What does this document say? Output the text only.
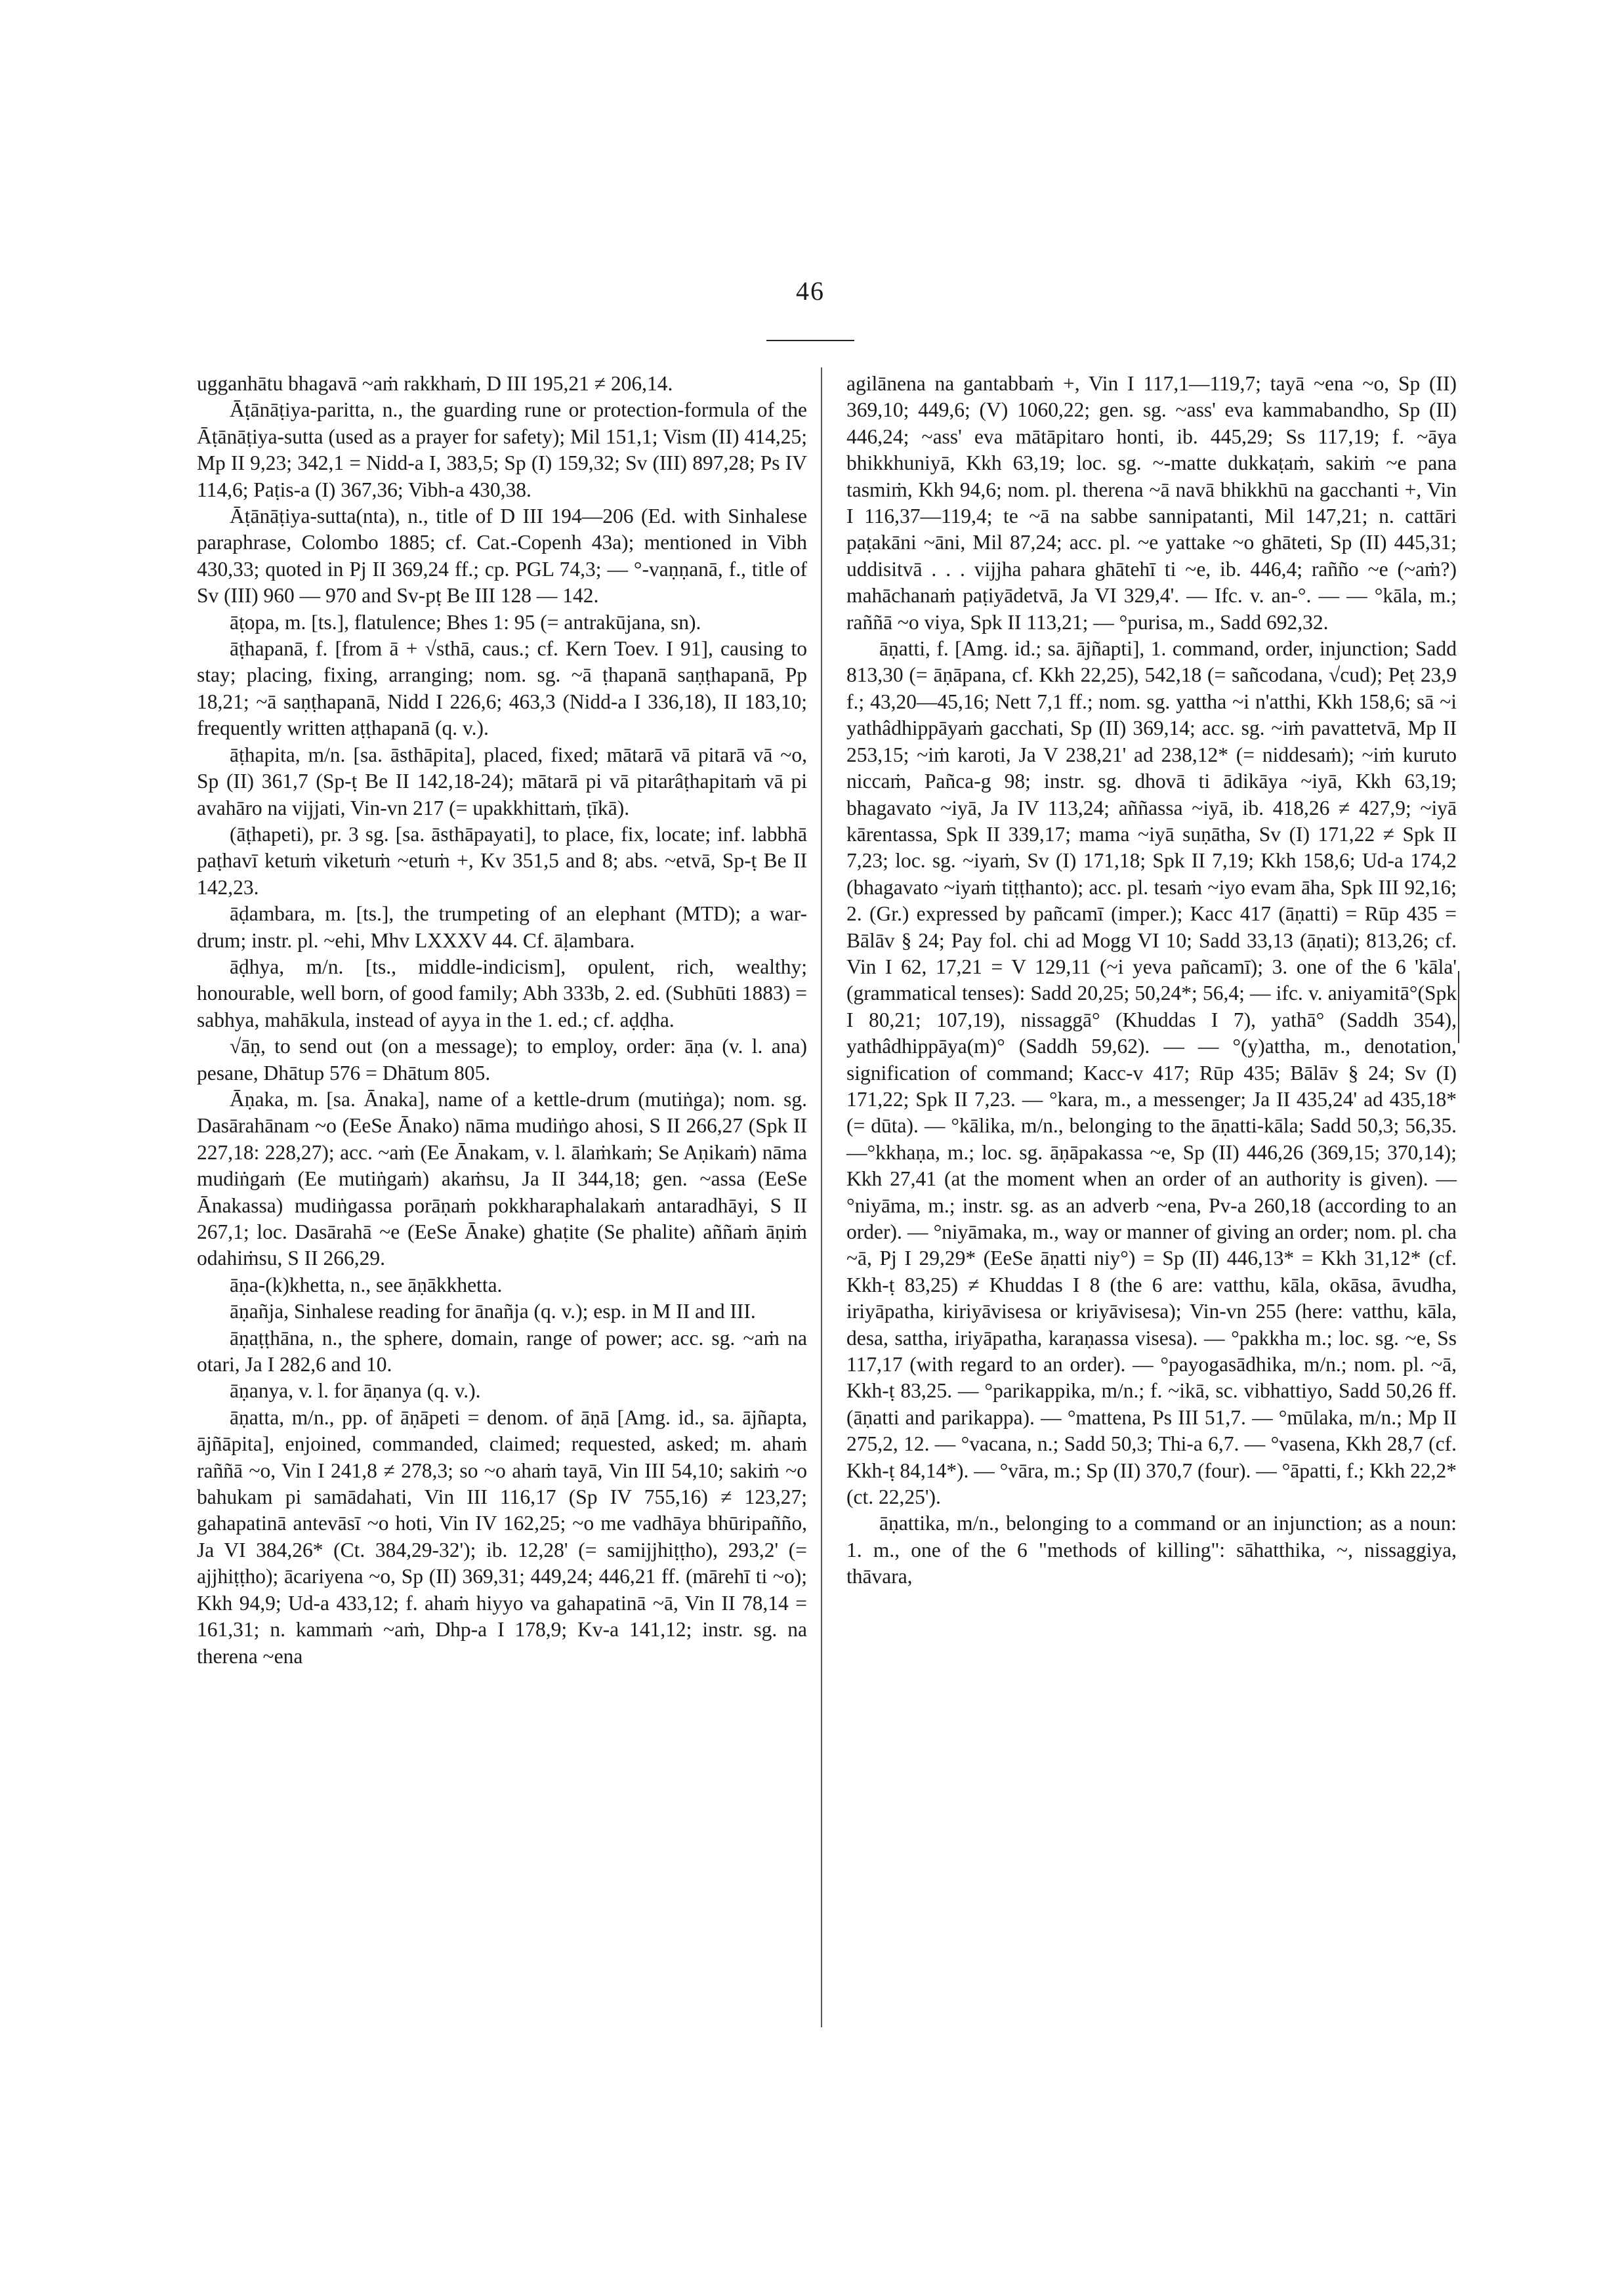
46

ugganhātu bhagavā ~aṁ rakkhaṁ, D III 195,21 ≠ 206,14.

Āṭānāṭiya-paritta, n., the guarding rune or protection-formula of the Āṭānāṭiya-sutta (used as a prayer for safety); Mil 151,1; Vism (II) 414,25; Mp II 9,23; 342,1 = Nidd-a I, 383,5; Sp (I) 159,32; Sv (III) 897,28; Ps IV 114,6; Paṭis-a (I) 367,36; Vibh-a 430,38.

Āṭānāṭiya-sutta(nta), n., title of D III 194—206 (Ed. with Sinhalese paraphrase, Colombo 1885; cf. Cat.-Copenh 43a); mentioned in Vibh 430,33; quoted in Pj II 369,24 ff.; cp. PGL 74,3; — °-vaṇṇanā, f., title of Sv (III) 960 — 970 and Sv-pṭ Be III 128 — 142.

āṭopa, m. [ts.], flatulence; Bhes 1: 95 (= antrakūjana, sn).

āṭhapanā, f. [from ā + √sthā, caus.; cf. Kern Toev. I 91], causing to stay; placing, fixing, arranging; nom. sg. ~ā ṭhapanā saṇṭhapanā, Pp 18,21; ~ā saṇṭhapanā, Nidd I 226,6; 463,3 (Nidd-a I 336,18), II 183,10; frequently written aṭṭhapanā (q. v.).

āṭhapita, m/n. [sa. āsthāpita], placed, fixed; mātarā vā pitarā vā ~o, Sp (II) 361,7 (Sp-ṭ Be II 142,18-24); mātarā pi vā pitarâṭhapitaṁ vā pi avahāro na vijjati, Vin-vn 217 (= upakkhittaṁ, ṭīkā).

(āṭhapeti), pr. 3 sg. [sa. āsthāpayati], to place, fix, locate; inf. labbhā paṭhavī ketuṁ viketuṁ ~etuṁ +, Kv 351,5 and 8; abs. ~etvā, Sp-ṭ Be II 142,23.

āḍambara, m. [ts.], the trumpeting of an elephant (MTD); a war-drum; instr. pl. ~ehi, Mhv LXXXV 44. Cf. āḷambara.

āḍhya, m/n. [ts., middle-indicism], opulent, rich, wealthy; honourable, well born, of good family; Abh 333b, 2. ed. (Subhūti 1883) = sabhya, mahākula, instead of ayya in the 1. ed.; cf. aḍḍha.

√āṇ, to send out (on a message); to employ, order: āṇa (v. l. ana) pesane, Dhātup 576 = Dhātum 805.

Āṇaka, m. [sa. Ānaka], name of a kettle-drum (mutiṅga); nom. sg. Dasārahānam ~o (EeSe Ānako) nāma mudiṅgo ahosi, S II 266,27 (Spk II 227,18: 228,27); acc. ~aṁ (Ee Ānakam, v. l. ālaṁkaṁ; Se Aṇikaṁ) nāma mudiṅgaṁ (Ee mutiṅgaṁ) akaṁsu, Ja II 344,18; gen. ~assa (EeSe Ānakassa) mudiṅgassa porāṇaṁ pokkharaphalakaṁ antaradhāyi, S II 267,1; loc. Dasārahā ~e (EeSe Ānake) ghaṭite (Se phalite) aññaṁ āṇiṁ odahiṁsu, S II 266,29.

āṇa-(k)khetta, n., see āṇākkhetta.

āṇañja, Sinhalese reading for ānañja (q. v.); esp. in M II and III.

āṇaṭṭhāna, n., the sphere, domain, range of power; acc. sg. ~aṁ na otari, Ja I 282,6 and 10.

āṇanya, v. l. for āṇanya (q. v.).

āṇatta, m/n., pp. of āṇāpeti = denom. of āṇā [Amg. id., sa. ājñapta, ājñāpita], enjoined, commanded, claimed; requested, asked; m. ahaṁ raññā ~o, Vin I 241,8 ≠ 278,3; so ~o ahaṁ tayā, Vin III 54,10; sakiṁ ~o bahukam pi samādahati, Vin III 116,17 (Sp IV 755,16) ≠ 123,27; gahapatinā antevāsī ~o hoti, Vin IV 162,25; ~o me vadhāya bhūripañño, Ja VI 384,26* (Ct. 384,29-32'); ib. 12,28' (= samijjhiṭṭho), 293,2' (= ajjhiṭṭho); ācariyena ~o, Sp (II) 369,31; 449,24; 446,21 ff. (mārehī ti ~o); Kkh 94,9; Ud-a 433,12; f. ahaṁ hiyyo va gahapatinā ~ā, Vin II 78,14 = 161,31; n. kammaṁ ~aṁ, Dhp-a I 178,9; Kv-a 141,12; instr. sg. na therena ~ena

agilānena na gantabbaṁ +, Vin I 117,1—119,7; tayā ~ena ~o, Sp (II) 369,10; 449,6; (V) 1060,22; gen. sg. ~ass' eva kammabandho, Sp (II) 446,24; ~ass' eva mātāpitaro honti, ib. 445,29; Ss 117,19; f. ~āya bhikkhuniyā, Kkh 63,19; loc. sg. ~-matte dukkaṭaṁ, sakiṁ ~e pana tasmiṁ, Kkh 94,6; nom. pl. therena ~ā navā bhikkhū na gacchanti +, Vin I 116,37—119,4; te ~ā na sabbe sannipatanti, Mil 147,21; n. cattāri paṭakāni ~āni, Mil 87,24; acc. pl. ~e yattake ~o ghāteti, Sp (II) 445,31; uddisitvā . . . vijjha pahara ghātehī ti ~e, ib. 446,4; rañño ~e (~aṁ?) mahāchanaṁ paṭiyādetvā, Ja VI 329,4'. — Ifc. v. an-°. — — °kāla, m.; raññā ~o viya, Spk II 113,21; — °purisa, m., Sadd 692,32.

āṇatti, f. [Amg. id.; sa. ājñapti], 1. command, order, injunction; Sadd 813,30 (= āṇāpana, cf. Kkh 22,25), 542,18 (= sañcodana, √cud); Peṭ 23,9 f.; 43,20—45,16; Nett 7,1 ff.; nom. sg. yattha ~i n'atthi, Kkh 158,6; sā ~i yathâdhippāyaṁ gacchati, Sp (II) 369,14; acc. sg. ~iṁ pavattetvā, Mp II 253,15; ~iṁ karoti, Ja V 238,21' ad 238,12* (= niddesaṁ); ~iṁ kuruto niccaṁ, Pañca-g 98; instr. sg. dhovā ti ādikāya ~iyā, Kkh 63,19; bhagavato ~iyā, Ja IV 113,24; aññassa ~iyā, ib. 418,26 ≠ 427,9; ~iyā kārentassa, Spk II 339,17; mama ~iyā suṇātha, Sv (I) 171,22 ≠ Spk II 7,23; loc. sg. ~iyaṁ, Sv (I) 171,18; Spk II 7,19; Kkh 158,6; Ud-a 174,2 (bhagavato ~iyaṁ tiṭṭhanto); acc. pl. tesaṁ ~iyo evam āha, Spk III 92,16; 2. (Gr.) expressed by pañcamī (imper.); Kacc 417 (āṇatti) = Rūp 435 = Bālāv § 24; Pay fol. chi ad Mogg VI 10; Sadd 33,13 (āṇati); 813,26; cf. Vin I 62, 17,21 = V 129,11 (~i yeva pañcamī); 3. one of the 6 'kāla' (grammatical tenses): Sadd 20,25; 50,24*; 56,4; — ifc. v. aniyamitā°(Spk I 80,21; 107,19), nissaggā° (Khuddas I 7), yathā° (Saddh 354), yathâdhippāya(m)° (Saddh 59,62). — — °(y)attha, m., denotation, signification of command; Kacc-v 417; Rūp 435; Bālāv § 24; Sv (I) 171,22; Spk II 7,23. — °kara, m., a messenger; Ja II 435,24' ad 435,18* (= dūta). — °kālika, m/n., belonging to the āṇatti-kāla; Sadd 50,3; 56,35.—°kkhaṇa, m.; loc. sg. āṇāpakassa ~e, Sp (II) 446,26 (369,15; 370,14); Kkh 27,41 (at the moment when an order of an authority is given). — °niyāma, m.; instr. sg. as an adverb ~ena, Pv-a 260,18 (according to an order). — °niyāmaka, m., way or manner of giving an order; nom. pl. cha ~ā, Pj I 29,29* (EeSe āṇatti niy°) = Sp (II) 446,13* = Kkh 31,12* (cf. Kkh-ṭ 83,25) ≠ Khuddas I 8 (the 6 are: vatthu, kāla, okāsa, āvudha, iriyāpatha, kiriyāvisesa or kriyāvisesa); Vin-vn 255 (here: vatthu, kāla, desa, sattha, iriyāpatha, karaṇassa visesa). — °pakkha m.; loc. sg. ~e, Ss 117,17 (with regard to an order). — °payogasādhika, m/n.; nom. pl. ~ā, Kkh-ṭ 83,25. — °parikappika, m/n.; f. ~ikā, sc. vibhattiyo, Sadd 50,26 ff. (āṇatti and parikappa). — °mattena, Ps III 51,7. — °mūlaka, m/n.; Mp II 275,2, 12. — °vacana, n.; Sadd 50,3; Thi-a 6,7. — °vasena, Kkh 28,7 (cf. Kkh-ṭ 84,14*). — °vāra, m.; Sp (II) 370,7 (four). — °āpatti, f.; Kkh 22,2* (ct. 22,25').

āṇattika, m/n., belonging to a command or an injunction; as a noun: 1. m., one of the 6 "methods of killing": sāhatthika, ~, nissaggiya, thāvara,
